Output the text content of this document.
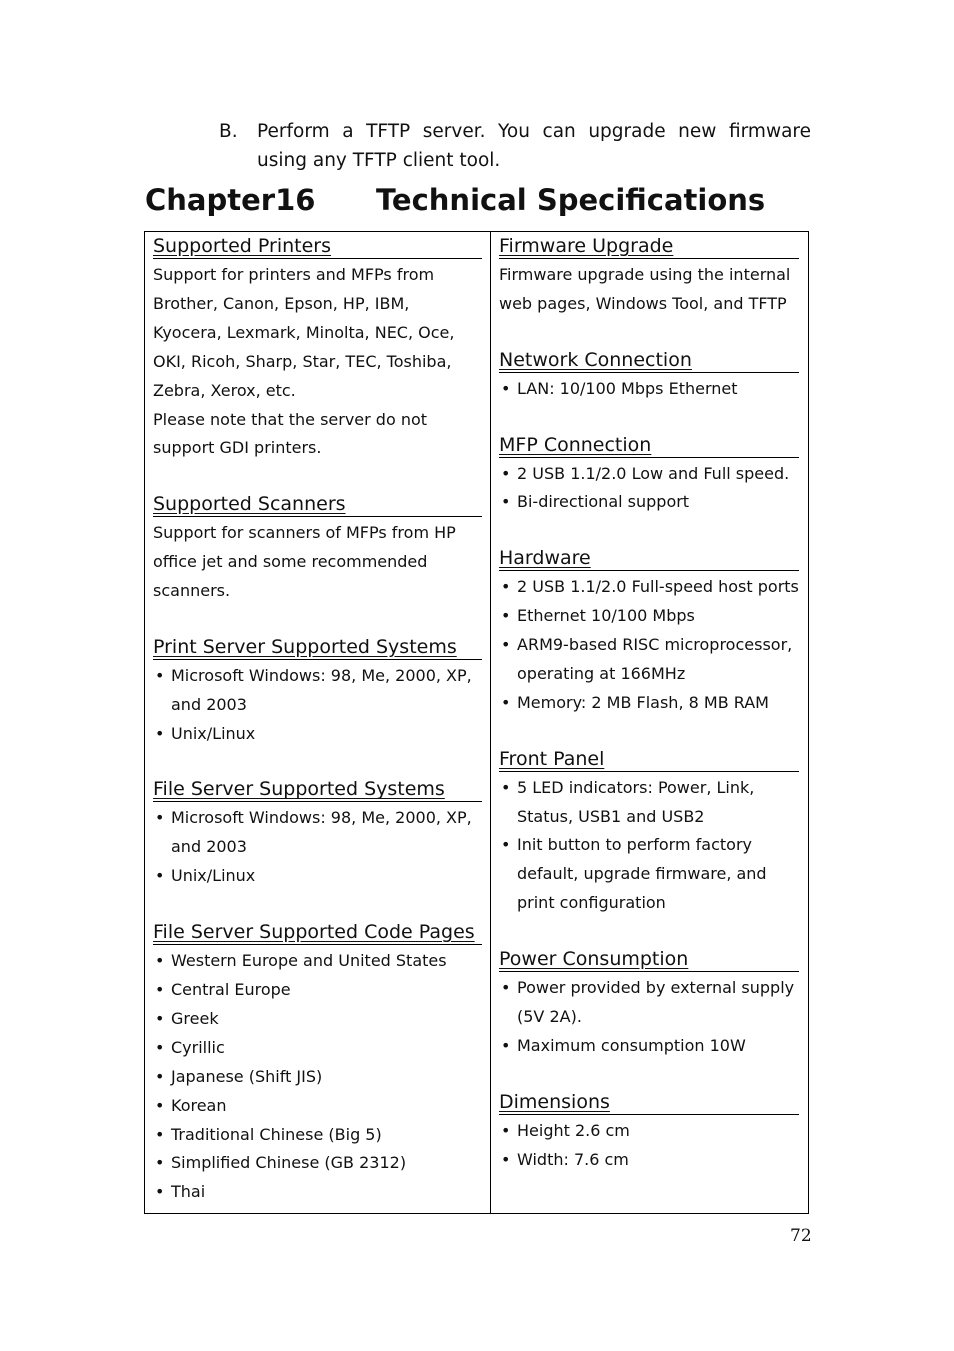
B. Perform a TFTP server. You can upgrade new firmware using any TFTP client tool.
Chapter16 Technical Specifications
Supported Printers

Support for printers and MFPs from Brother, Canon, Epson, HP, IBM, Kyocera, Lexmark, Minolta, NEC, Oce, OKI, Ricoh, Sharp, Star, TEC, Toshiba, Zebra, Xerox, etc.

Please note that the server do not support GDI printers.

Supported Scanners

Support for scanners of MFPs from HP office jet and some recommended scanners.

Print Server Supported Systems
• Microsoft Windows: 98, Me, 2000, XP, and 2003
• Unix/Linux
File Server Supported Systems
• Microsoft Windows: 98, Me, 2000, XP, and 2003
• Unix/Linux
File Server Supported Code Pages
• Western Europe and United States
• Central Europe
• Greek
• Cyrillic
• Japanese (Shift JIS)
• Korean
• Traditional Chinese (Big 5)
• Simplified Chinese (GB 2312)
• Thai

Firmware Upgrade

Firmware upgrade using the internal web pages, Windows Tool, and TFTP

Network Connection
• LAN: 10/100 Mbps Ethernet
MFP Connection
• 2 USB 1.1/2.0 Low and Full speed.
• Bi-directional support
Hardware
• 2 USB 1.1/2.0 Full-speed host ports
• Ethernet 10/100 Mbps
• ARM9-based RISC microprocessor, operating at 166MHz
• Memory: 2 MB Flash, 8 MB RAM
Front Panel
• 5 LED indicators: Power, Link, Status, USB1 and USB2
• Init button to perform factory default, upgrade firmware, and print configuration
Power Consumption
• Power provided by external supply (5V 2A).
• Maximum consumption 10W
Dimensions
• Height 2.6 cm
• Width: 7.6 cm
72
